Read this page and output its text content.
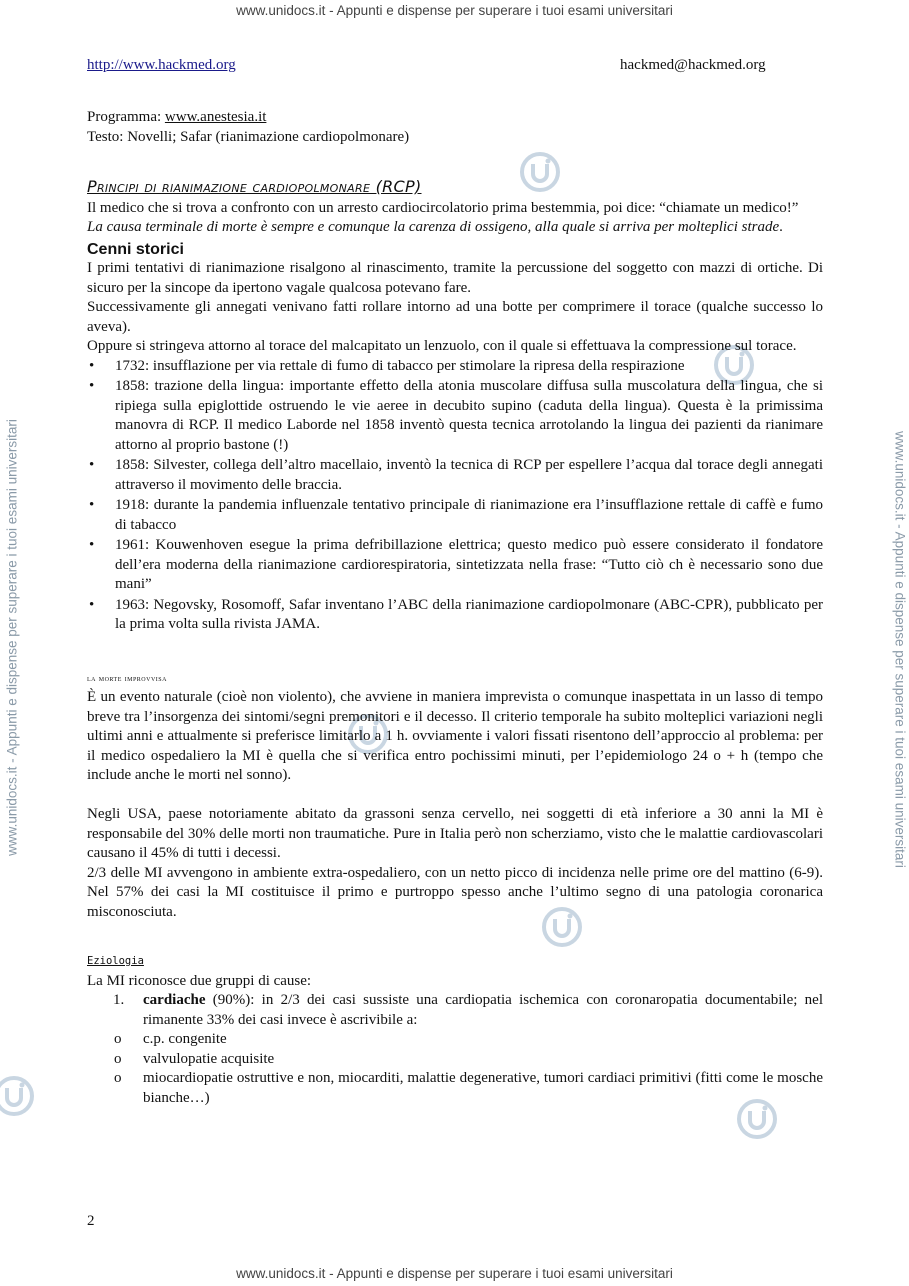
www.unidocs.it - Appunti e dispense per superare i tuoi esami universitari
www.unidocs.it - Appunti e dispense per superare i tuoi esami universitari
www.unidocs.it - Appunti e dispense per superare i tuoi esami universitari	www.unidocs.it - Appunti e dispense per superare i tuoi esami universitari
http://www.hackmed.org	hackmed@hackmed.org

Programma: www.anestesia.it

Testo: Novelli; Safar (rianimazione cardiopolmonare)

Principi di rianimazione cardiopolmonare (RCP)

Il medico che si trova a confronto con un arresto cardiocircolatorio prima bestemmia, poi dice: “chiamate un medico!”

La causa terminale di morte è sempre e comunque la carenza di ossigeno, alla quale si arriva per molteplici strade.

Cenni storici

I primi tentativi di rianimazione risalgono al rinascimento, tramite la percussione del soggetto con mazzi di ortiche. Di sicuro per la sincope da ipertono vagale qualcosa potevano fare.

Successivamente gli annegati venivano fatti rollare intorno ad una botte per comprimere il torace (qualche successo lo aveva).

Oppure si stringeva attorno al torace del malcapitato un lenzuolo, con il quale si effettuava la compressione sul torace.

• 1732: insufflazione per via rettale di fumo di tabacco per stimolare la ripresa della respirazione
• 1858: trazione della lingua: importante effetto della atonia muscolare diffusa sulla muscolatura della lingua, che si ripiega sulla epiglottide ostruendo le vie aeree in decubito supino (caduta della lingua). Questa è la primissima manovra di RCP. Il medico Laborde nel 1858 inventò questa tecnica arrotolando la lingua dei pazienti da rianimare attorno al proprio bastone (!)
• 1858: Silvester, collega dell’altro macellaio, inventò la tecnica di RCP per espellere l’acqua dal torace degli annegati attraverso il movimento delle braccia.
• 1918: durante la pandemia influenzale tentativo principale di rianimazione era l’insufflazione rettale di caffè e fumo di tabacco
• 1961: Kouwenhoven esegue la prima defribillazione elettrica; questo medico può essere considerato il fondatore dell’era moderna della rianimazione cardiorespiratoria, sintetizzata nella frase: “Tutto ciò ch è necessario sono due mani”
• 1963: Negovsky, Rosomoff, Safar inventano l’ABC della rianimazione cardiopolmonare (ABC-CPR), pubblicato per la prima volta sulla rivista JAMA.

la morte improvvisa

È un evento naturale (cioè non violento), che avviene in maniera imprevista o comunque inaspettata in un lasso di tempo breve tra l’insorgenza dei sintomi/segni premonitori e il decesso. Il criterio temporale ha subito molteplici variazioni negli ultimi anni e attualmente si preferisce limitarlo a 1 h. ovviamente i valori fissati risentono dell’approccio al problema: per il medico ospedaliero la MI è quella che si verifica entro pochissimi minuti, per l’epidemiologo 24 o + h (tempo che include anche le morti nel sonno).

Negli USA, paese notoriamente abitato da grassoni senza cervello, nei soggetti di età inferiore a 30 anni la MI è responsabile del 30% delle morti non traumatiche. Pure in Italia però non scherziamo, visto che le malattie cardiovascolari causano il 45% di tutti i decessi.

2/3 delle MI avvengono in ambiente extra-ospedaliero, con un netto picco di incidenza nelle prime ore del mattino (6-9). Nel 57% dei casi la MI costituisce il primo e purtroppo spesso anche l’ultimo segno di una patologia coronarica misconosciuta.

Eziologia

La MI riconosce due gruppi di cause:

1. cardiache (90%): in 2/3 dei casi sussiste una cardiopatia ischemica con coronaropatia documentabile; nel rimanente 33% dei casi invece è ascrivibile a:
o c.p. congenite
o valvulopatie acquisite
o miocardiopatie ostruttive e non, miocarditi, malattie degenerative, tumori cardiaci primitivi (fitti come le mosche bianche…)
2
